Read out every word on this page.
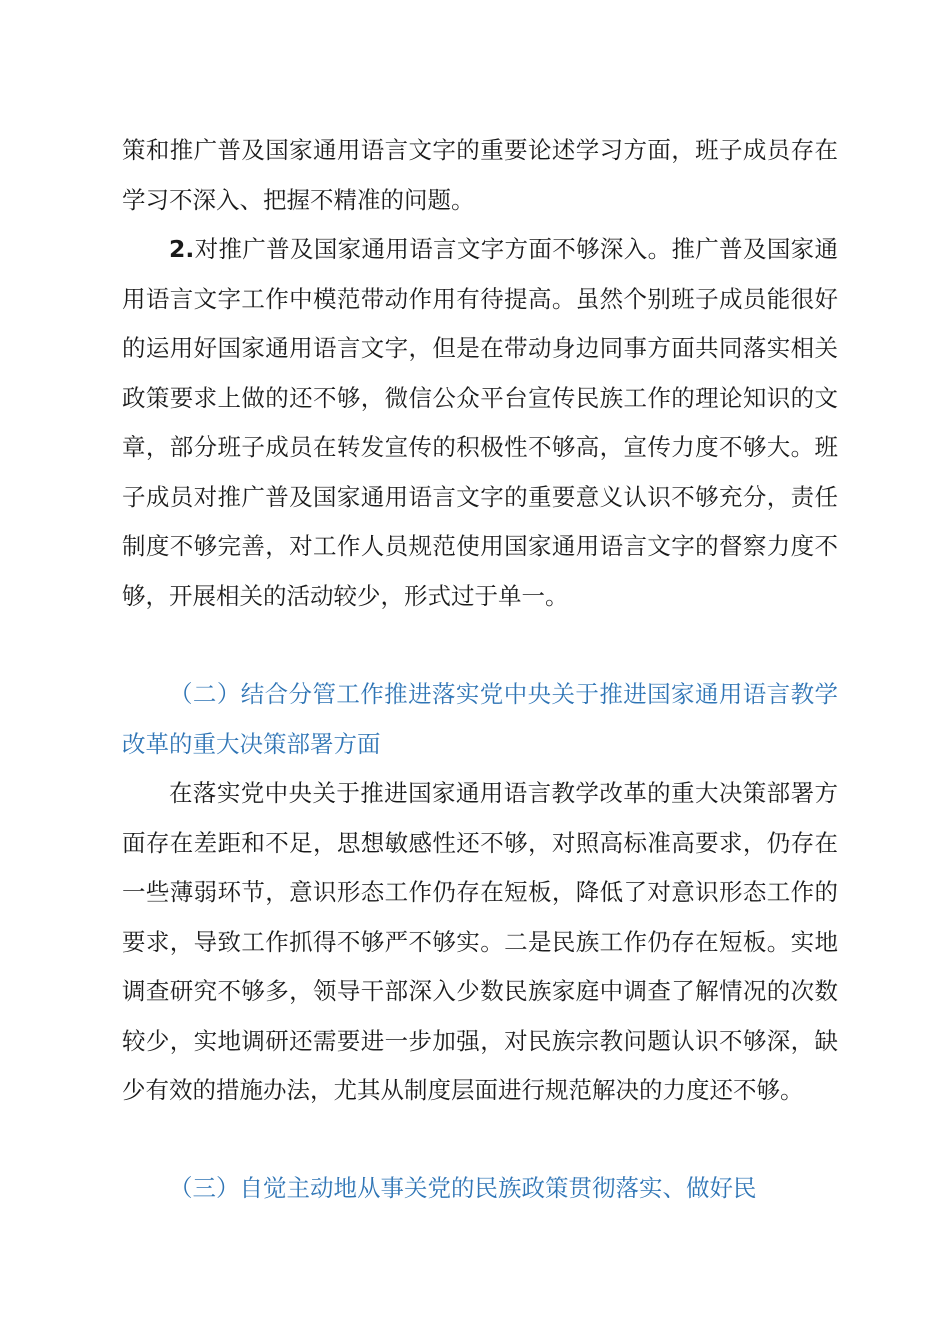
策和推广普及国家通用语言文字的重要论述学习方面，班子成员存在学习不深入、把握不精准的问题。

2.对推广普及国家通用语言文字方面不够深入。推广普及国家通用语言文字工作中模范带动作用有待提高。虽然个别班子成员能很好的运用好国家通用语言文字，但是在带动身边同事方面共同落实相关政策要求上做的还不够，微信公众平台宣传民族工作的理论知识的文章，部分班子成员在转发宣传的积极性不够高，宣传力度不够大。班子成员对推广普及国家通用语言文字的重要意义认识不够充分，责任制度不够完善，对工作人员规范使用国家通用语言文字的督察力度不够，开展相关的活动较少，形式过于单一。

（二）结合分管工作推进落实党中央关于推进国家通用语言教学改革的重大决策部署方面

在落实党中央关于推进国家通用语言教学改革的重大决策部署方面存在差距和不足，思想敏感性还不够，对照高标准高要求，仍存在一些薄弱环节，意识形态工作仍存在短板，降低了对意识形态工作的要求，导致工作抓得不够严不够实。二是民族工作仍存在短板。实地调查研究不够多，领导干部深入少数民族家庭中调查了解情况的次数较少，实地调研还需要进一步加强，对民族宗教问题认识不够深，缺少有效的措施办法，尤其从制度层面进行规范解决的力度还不够。

（三）自觉主动地从事关党的民族政策贯彻落实、做好民
